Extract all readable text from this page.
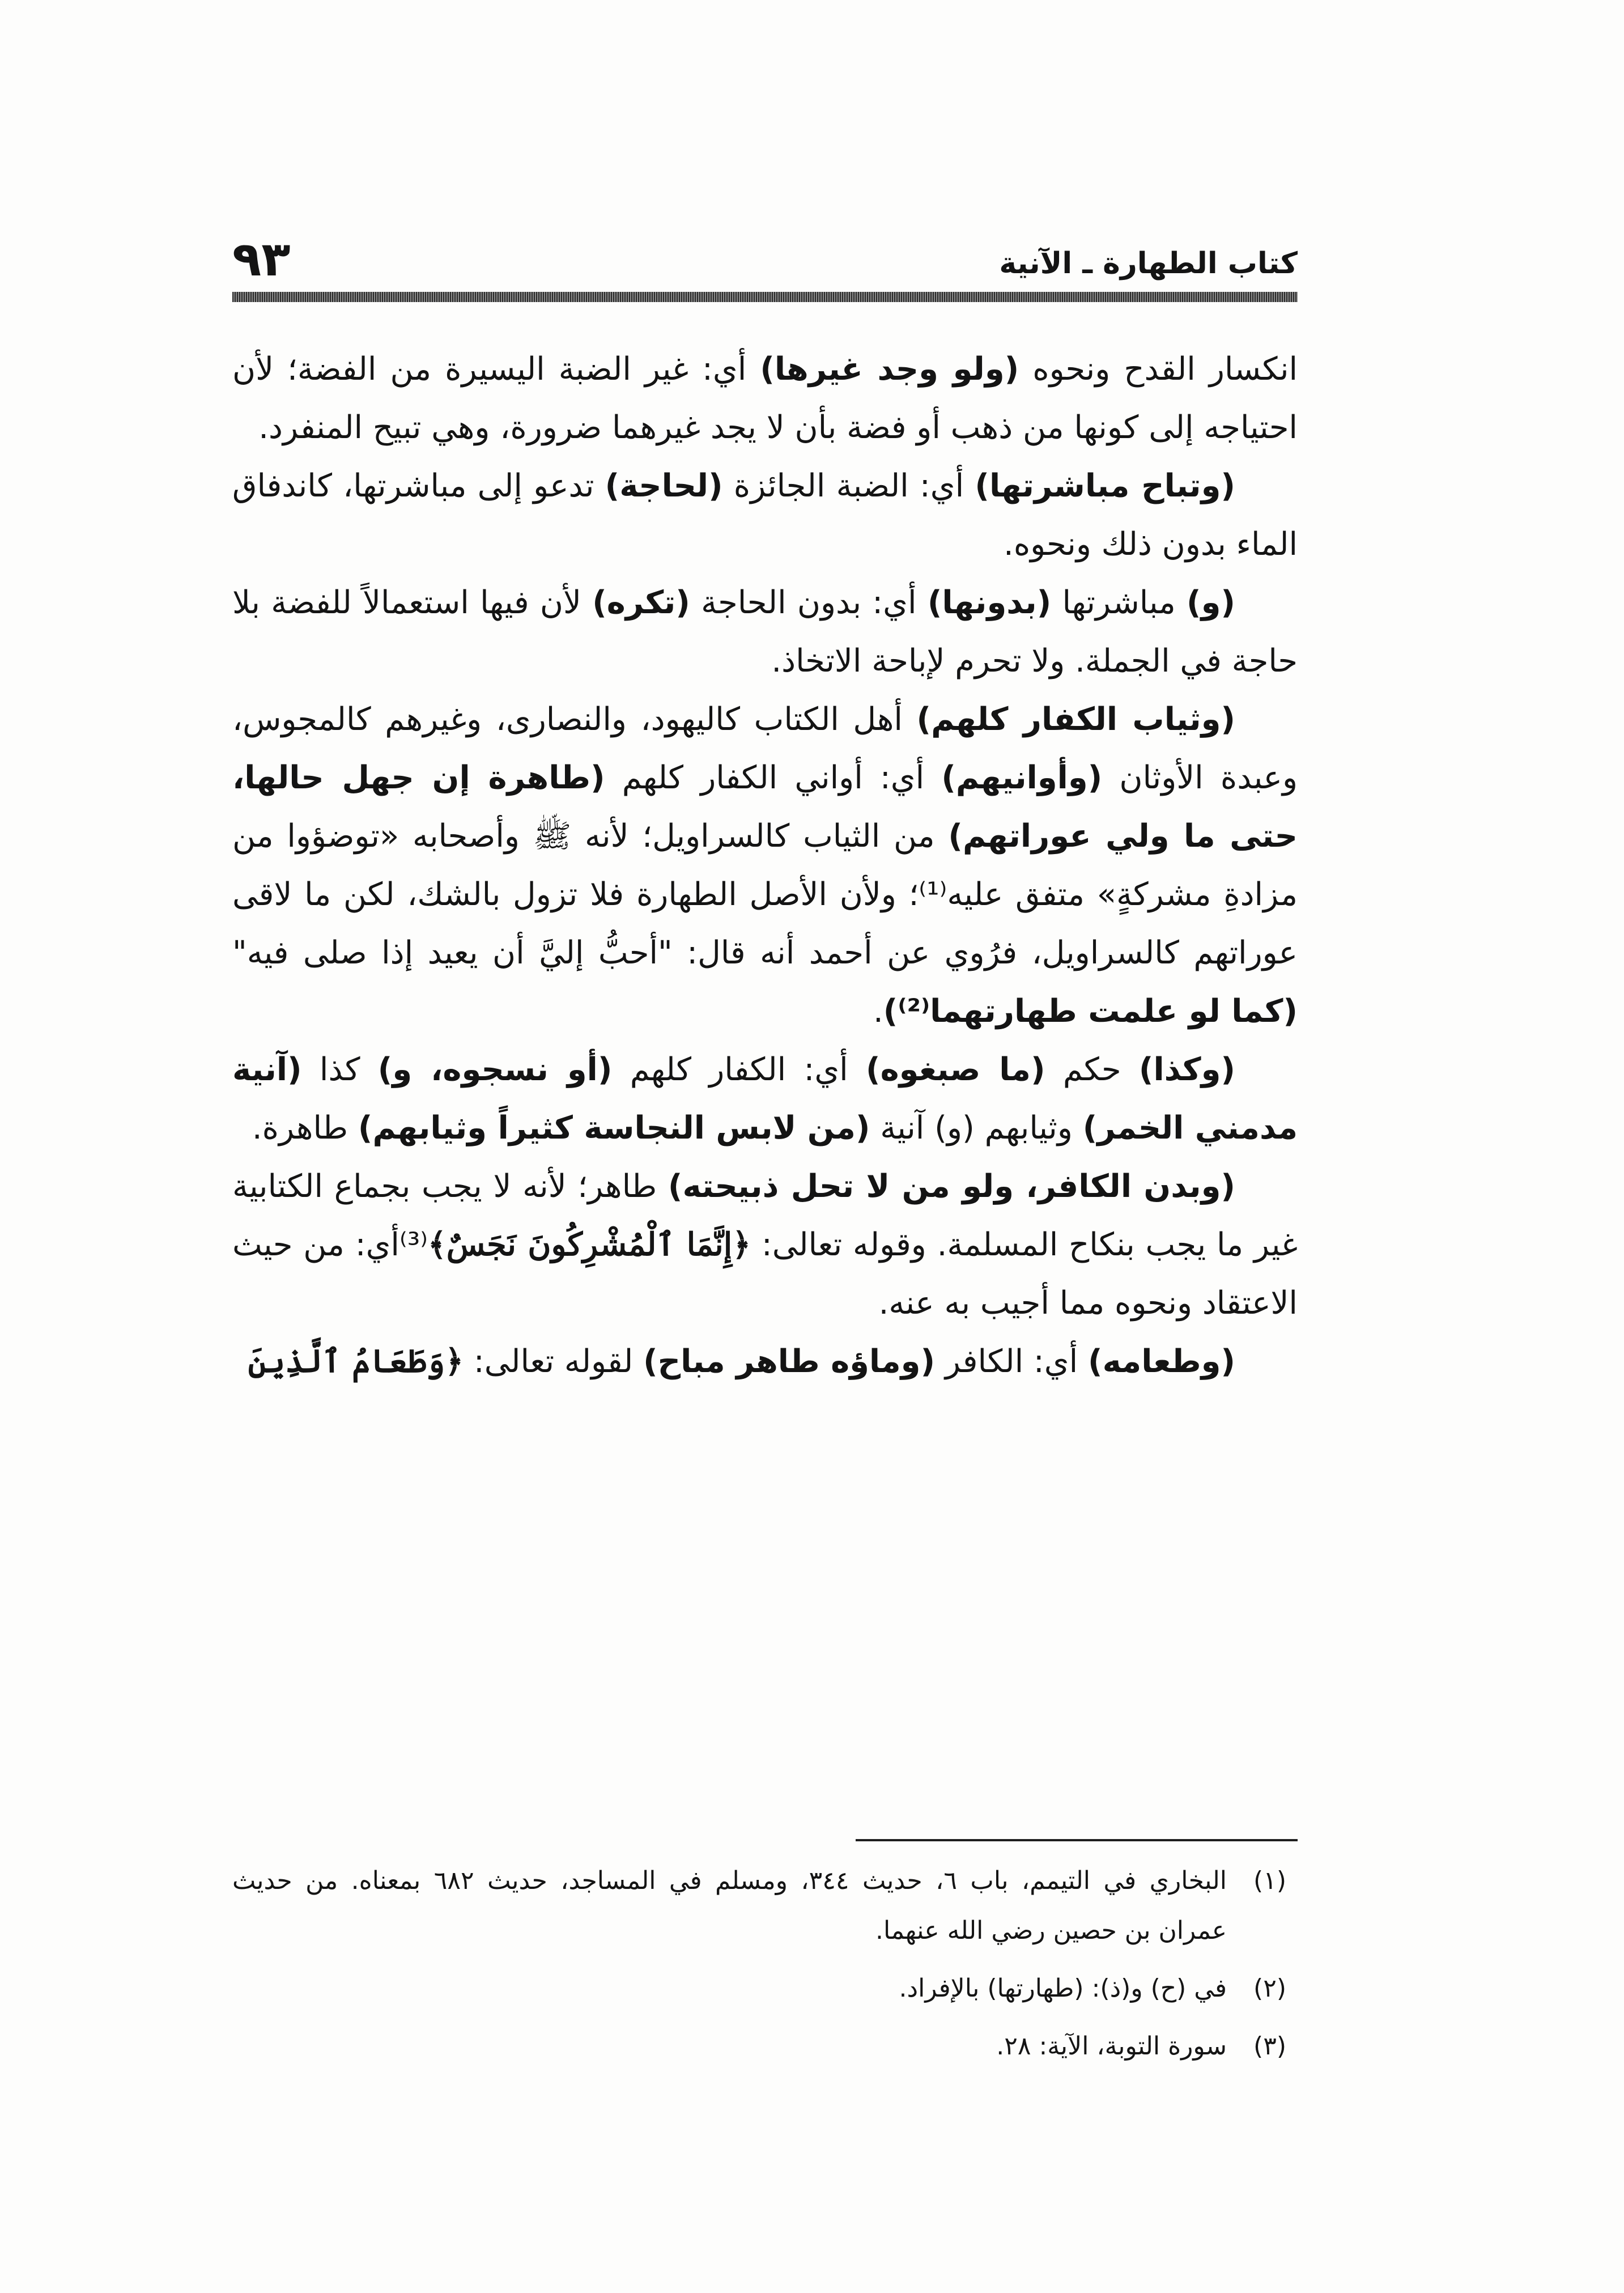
كتاب الطهارة ـ الآنية
٩٣

انكسار القدح ونحوه (ولو وجد غيرها) أي: غير الضبة اليسيرة من الفضة؛ لأن احتياجه إلى كونها من ذهب أو فضة بأن لا يجد غيرهما ضرورة، وهي تبيح المنفرد.

(وتباح مباشرتها) أي: الضبة الجائزة (لحاجة) تدعو إلى مباشرتها، كاندفاق الماء بدون ذلك ونحوه.

(و) مباشرتها (بدونها) أي: بدون الحاجة (تكره) لأن فيها استعمالاً للفضة بلا حاجة في الجملة. ولا تحرم لإباحة الاتخاذ.

(وثياب الكفار كلهم) أهل الكتاب كاليهود، والنصارى، وغيرهم كالمجوس، وعبدة الأوثان (وأوانيهم) أي: أواني الكفار كلهم (طاهرة إن جهل حالها، حتى ما ولي عوراتهم) من الثياب كالسراويل؛ لأنه ﷺ وأصحابه «توضؤوا من مزادةِ مشركةٍ» متفق عليه⁽¹⁾؛ ولأن الأصل الطهارة فلا تزول بالشك، لكن ما لاقى عوراتهم كالسراويل، فرُوي عن أحمد أنه قال: "أحبُّ إليَّ أن يعيد إذا صلى فيه" (كما لو علمت طهارتهما⁽²⁾).

(وكذا) حكم (ما صبغوه) أي: الكفار كلهم (أو نسجوه، و) كذا (آنية مدمني الخمر) وثيابهم (و) آنية (من لابس النجاسة كثيراً وثيابهم) طاهرة.

(وبدن الكافر، ولو من لا تحل ذبيحته) طاهر؛ لأنه لا يجب بجماع الكتابية غير ما يجب بنكاح المسلمة. وقوله تعالى: ﴿إِنَّمَا ٱلْمُشْرِكُونَ نَجَسٌ﴾⁽³⁾أي: من حيث الاعتقاد ونحوه مما أجيب به عنه.

(وطعامه) أي: الكافر (وماؤه طاهر مباح) لقوله تعالى: ﴿وَطَعَامُ ٱلَّذِينَ

(١)
البخاري في التيمم، باب ٦، حديث ٣٤٤، ومسلم في المساجد، حديث ٦٨٢ بمعناه. من حديث عمران بن حصين رضي الله عنهما.
(٢)
في (ح) و(ذ): (طهارتها) بالإفراد.
(٣)
سورة التوبة، الآية: ٢٨.
